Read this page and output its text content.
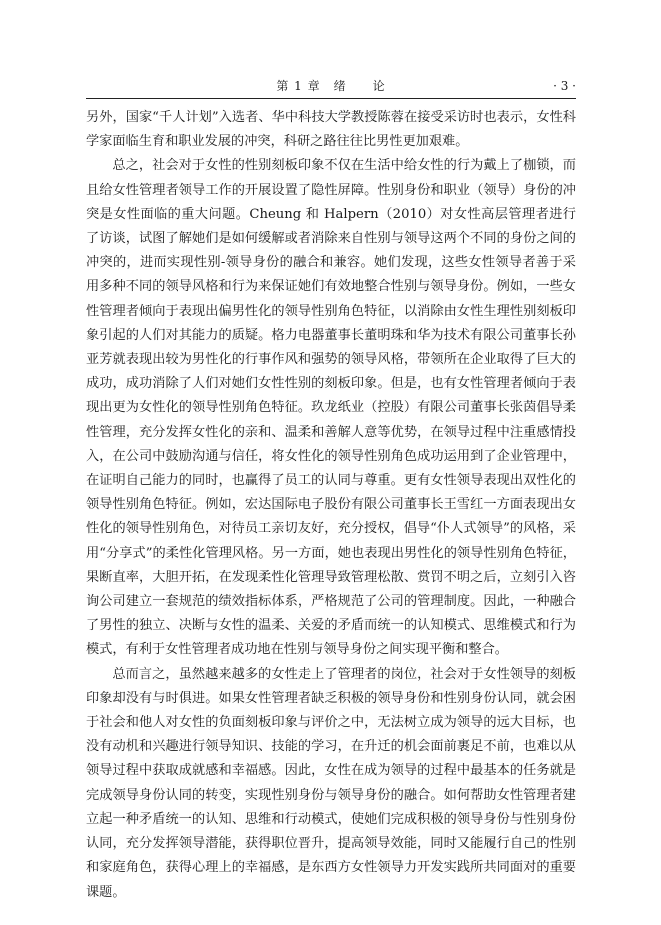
第 1 章　绪　　论	· 3 ·

另外，国家“千人计划”入选者、华中科技大学教授陈蓉在接受采访时也表示，女性科学家面临生育和职业发展的冲突，科研之路往往比男性更加艰难。

总之，社会对于女性的性别刻板印象不仅在生活中给女性的行为戴上了枷锁，而且给女性管理者领导工作的开展设置了隐性屏障。性别身份和职业（领导）身份的冲突是女性面临的重大问题。Cheung 和 Halpern（2010）对女性高层管理者进行了访谈，试图了解她们是如何缓解或者消除来自性别与领导这两个不同的身份之间的冲突的，进而实现性别-领导身份的融合和兼容。她们发现，这些女性领导者善于采用多种不同的领导风格和行为来保证她们有效地整合性别与领导身份。例如，一些女性管理者倾向于表现出偏男性化的领导性别角色特征，以消除由女性生理性别刻板印象引起的人们对其能力的质疑。格力电器董事长董明珠和华为技术有限公司董事长孙亚芳就表现出较为男性化的行事作风和强势的领导风格，带领所在企业取得了巨大的成功，成功消除了人们对她们女性性别的刻板印象。但是，也有女性管理者倾向于表现出更为女性化的领导性别角色特征。玖龙纸业（控股）有限公司董事长张茵倡导柔性管理，充分发挥女性化的亲和、温柔和善解人意等优势，在领导过程中注重感情投入，在公司中鼓励沟通与信任，将女性化的领导性别角色成功运用到了企业管理中，在证明自己能力的同时，也赢得了员工的认同与尊重。更有女性领导表现出双性化的领导性别角色特征。例如，宏达国际电子股份有限公司董事长王雪红一方面表现出女性化的领导性别角色，对待员工亲切友好，充分授权，倡导“仆人式领导”的风格，采用“分享式”的柔性化管理风格。另一方面，她也表现出男性化的领导性别角色特征，果断直率，大胆开拓，在发现柔性化管理导致管理松散、赏罚不明之后，立刻引入咨询公司建立一套规范的绩效指标体系，严格规范了公司的管理制度。因此，一种融合了男性的独立、决断与女性的温柔、关爱的矛盾而统一的认知模式、思维模式和行为模式，有利于女性管理者成功地在性别与领导身份之间实现平衡和整合。

总而言之，虽然越来越多的女性走上了管理者的岗位，社会对于女性领导的刻板印象却没有与时俱进。如果女性管理者缺乏积极的领导身份和性别身份认同，就会困于社会和他人对女性的负面刻板印象与评价之中，无法树立成为领导的远大目标，也没有动机和兴趣进行领导知识、技能的学习，在升迁的机会面前裹足不前，也难以从领导过程中获取成就感和幸福感。因此，女性在成为领导的过程中最基本的任务就是完成领导身份认同的转变，实现性别身份与领导身份的融合。如何帮助女性管理者建立起一种矛盾统一的认知、思维和行动模式，使她们完成积极的领导身份与性别身份认同，充分发挥领导潜能，获得职位晋升，提高领导效能，同时又能履行自己的性别和家庭角色，获得心理上的幸福感，是东西方女性领导力开发实践所共同面对的重要课题。
